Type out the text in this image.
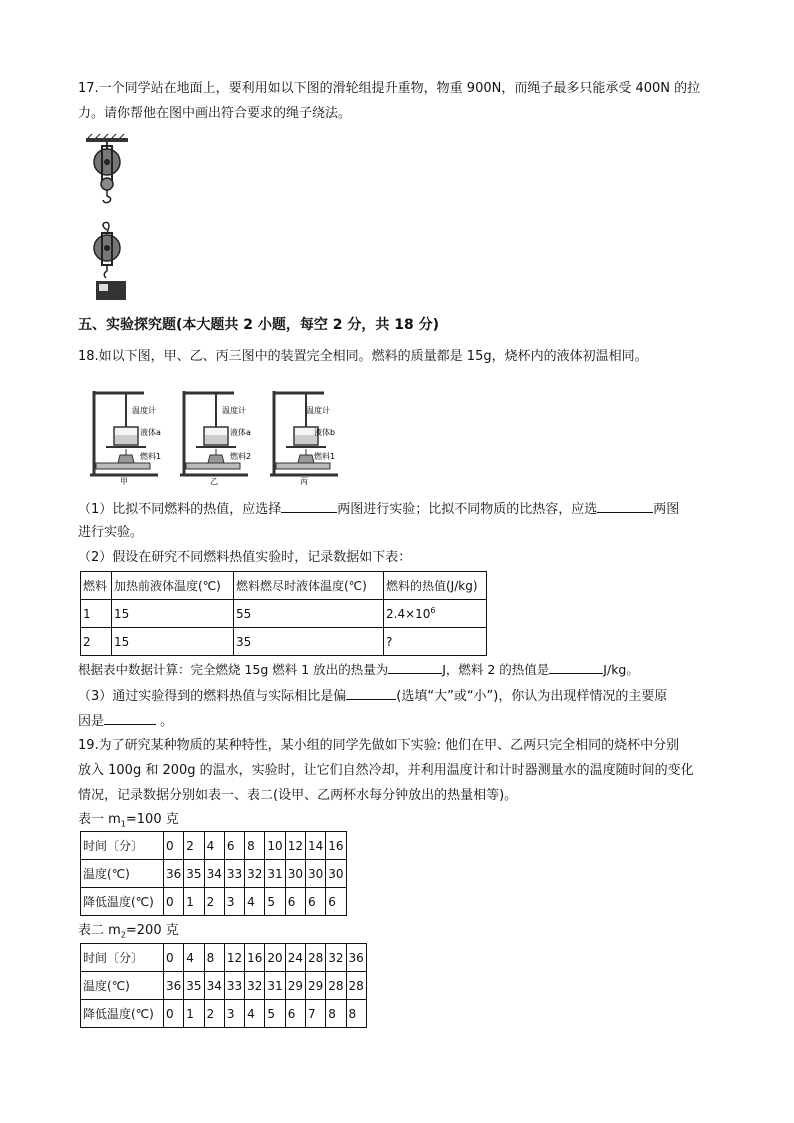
17.一个同学站在地面上，要利用如以下图的滑轮组提升重物，物重 900N，而绳子最多只能承受 400N 的拉
力。请你帮他在图中画出符合要求的绳子绕法。
五、实验探究题(本大题共 2 小题，每空 2 分，共 18 分)
18.如以下图，甲、乙、丙三图中的装置完全相同。燃料的质量都是 15g，烧杯内的液体初温相同。
温度计
液体a
燃料1
甲
温度计
液体a
燃料2
乙
温度计
液体b
燃料1
丙
（1）比拟不同燃料的热值，应选择	两图进行实验；比拟不同物质的比热容，应选	两图
进行实验。
（2）假设在研究不同燃料热值实验时，记录数据如下表：
燃料	加热前液体温度(℃)	燃料燃尽时液体温度(℃)	燃料的热值(J/kg)
1	15	55	$2.4\times 10^6$
2	15	35	?
根据表中数据计算：完全燃烧 15g 燃料 1 放出的热量为	J，燃料 2 的热值是	J/kg。
（3）通过实验得到的燃料热值与实际相比是偏	(选填“大”或“小”)，你认为出现样情况的主要原
因是	。
19.为了研究某种物质的某种特性，某小组的同学先做如下实验: 他们在甲、乙两只完全相同的烧杯中分别
放入 100g 和 200g 的温水，实验时，让它们自然冷却，并利用温度计和计时器测量水的温度随时间的变化
情况，记录数据分别如表一、表二(设甲、乙两杯水每分钟放出的热量相等)。
表一 $m_1=100$ 克
时间〔分〕	0	2	4	6	8	10	12	14	16
温度(℃)	36	35	34	33	32	31	30	30	30
降低温度(℃)	0	1	2	3	4	5	6	6	6
表二 $m_2=200$ 克
时间〔分〕	0	4	8	12	16	20	24	28	32	36
温度(℃)	36	35	34	33	32	31	29	29	28	28
降低温度(℃)	0	1	2	3	4	5	6	7	8	8
